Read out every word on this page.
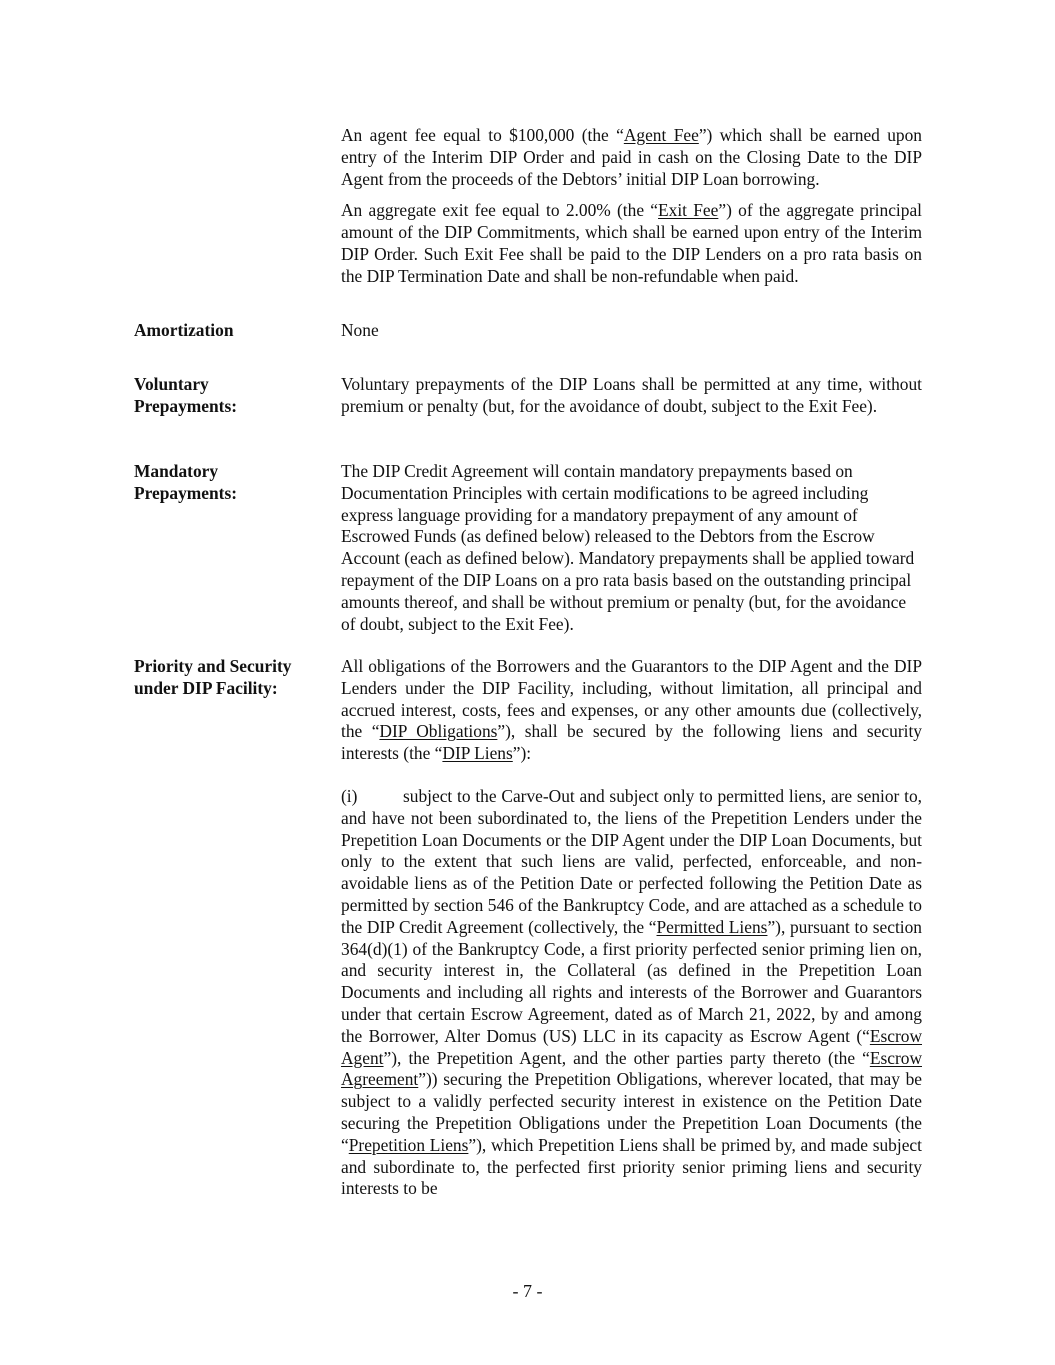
An agent fee equal to $100,000 (the “Agent Fee”) which shall be earned upon entry of the Interim DIP Order and paid in cash on the Closing Date to the DIP Agent from the proceeds of the Debtors’ initial DIP Loan borrowing.

An aggregate exit fee equal to 2.00% (the “Exit Fee”) of the aggregate principal amount of the DIP Commitments, which shall be earned upon entry of the Interim DIP Order. Such Exit Fee shall be paid to the DIP Lenders on a pro rata basis on the DIP Termination Date and shall be non-refundable when paid.

Amortization	None

Voluntary
Prepayments:

Voluntary prepayments of the DIP Loans shall be permitted at any time, without premium or penalty (but, for the avoidance of doubt, subject to the Exit Fee).

Mandatory
Prepayments:

The DIP Credit Agreement will contain mandatory prepayments based on Documentation Principles with certain modifications to be agreed including express language providing for a mandatory prepayment of any amount of Escrowed Funds (as defined below) released to the Debtors from the Escrow Account (each as defined below). Mandatory prepayments shall be applied toward repayment of the DIP Loans on a pro rata basis based on the outstanding principal amounts thereof, and shall be without premium or penalty (but, for the avoidance of doubt, subject to the Exit Fee).

Priority and Security
under DIP Facility:

All obligations of the Borrowers and the Guarantors to the DIP Agent and the DIP Lenders under the DIP Facility, including, without limitation, all principal and accrued interest, costs, fees and expenses, or any other amounts due (collectively, the “DIP Obligations”), shall be secured by the following liens and security interests (the “DIP Liens”):

(i)	subject to the Carve-Out and subject only to permitted liens, are senior to, and have not been subordinated to, the liens of the Prepetition Lenders under the Prepetition Loan Documents or the DIP Agent under the DIP Loan Documents, but only to the extent that such liens are valid, perfected, enforceable, and non-avoidable liens as of the Petition Date or perfected following the Petition Date as permitted by section 546 of the Bankruptcy Code, and are attached as a schedule to the DIP Credit Agreement (collectively, the “Permitted Liens”), pursuant to section 364(d)(1) of the Bankruptcy Code, a first priority perfected senior priming lien on, and security interest in, the Collateral (as defined in the Prepetition Loan Documents and including all rights and interests of the Borrower and Guarantors under that certain Escrow Agreement, dated as of March 21, 2022, by and among the Borrower, Alter Domus (US) LLC in its capacity as Escrow Agent (“Escrow Agent”), the Prepetition Agent, and the other parties party thereto (the “Escrow Agreement”)) securing the Prepetition Obligations, wherever located, that may be subject to a validly perfected security interest in existence on the Petition Date securing the Prepetition Obligations under the Prepetition Loan Documents (the “Prepetition Liens”), which Prepetition Liens shall be primed by, and made subject and subordinate to, the perfected first priority senior priming liens and security interests to be

- 7 -
